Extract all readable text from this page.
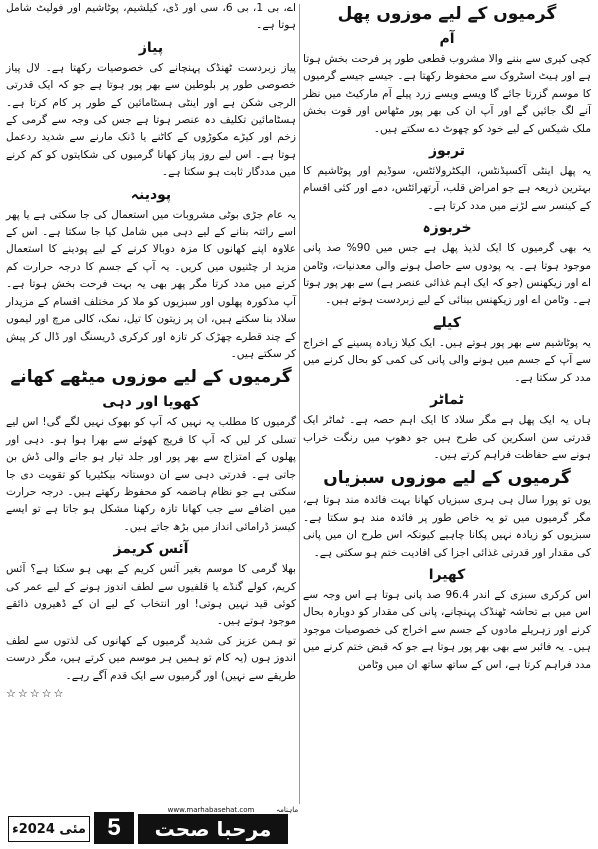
گرمیوں کے لیے موزوں پھل
آم

کچی کیری سے بننے والا مشروب قطعی طور پر فرحت بخش ہوتا ہے اور ہیٹ اسٹروک سے محفوظ رکھتا ہے۔ جیسے جیسے گرمیوں کا موسم گزرتا جائے گا ویسے ویسے زرد پیلے آم مارکیٹ میں نظر آنے لگ جائیں گے اور آپ ان کی بھر پور مٹھاس اور قوت بخش ملک شیکس کے لیے خود کو چھوٹ دے سکتے ہیں۔

تربوز

یہ پھل اینٹی آکسیڈنٹس، الیکٹرولائٹس، سوڈیم اور پوٹاشیم کا بہترین ذریعہ ہے جو امراض قلب، آرتھرائٹس، دمے اور کئی اقسام کے کینسر سے لڑنے میں مدد کرتا ہے۔

خربوزہ

یہ بھی گرمیوں کا ایک لذیذ پھل ہے جس میں 90% صد پانی موجود ہوتا ہے۔ یہ پودوں سے حاصل ہونے والی معدنیات، وٹامن اے اور زیکھنس (جو کہ ایک اہم غذائی عنصر ہے) سے بھر پور ہوتا ہے۔ وٹامن اے اور زیکھنس بینائی کے لیے زبردست ہوتے ہیں۔

کیلے

یہ پوٹاشیم سے بھر پور ہوتے ہیں۔ ایک کیلا زیادہ پسینے کے اخراج سے آپ کے جسم میں ہونے والی پانی کی کمی کو بحال کرنے میں مدد کر سکتا ہے۔

ٹماٹر

ہاں یہ ایک پھل ہے مگر سلاد کا ایک اہم حصہ ہے۔ ٹماٹر ایک قدرتی سن اسکرین کی طرح ہیں جو دھوپ میں رنگت خراب ہونے سے حفاظت فراہم کرتے ہیں۔

گرمیوں کے لیے موزوں سبزیاں

یوں تو پورا سال ہی ہری سبزیاں کھانا بہت فائدہ مند ہوتا ہے، مگر گرمیوں میں تو یہ خاص طور پر فائدہ مند ہو سکتا ہے۔ سبزیوں کو زیادہ نہیں پکانا چاہیے کیونکہ اس طرح ان میں پانی کی مقدار اور قدرتی غذائی اجزا کی افادیت ختم ہو سکتی ہے۔

کھیرا

اس کرکری سبزی کے اندر 96.4 صد پانی ہوتا ہے اس وجہ سے اس میں بے تحاشہ ٹھنڈک پہنچانے، پانی کی مقدار کو دوبارہ بحال کرنے اور زہریلے مادوں کے جسم سے اخراج کی خصوصیات موجود ہیں۔ یہ فائبر سے بھی بھر پور ہوتا ہے جو کہ قبض ختم کرنے میں مدد فراہم کرتا ہے، اس کے ساتھ ساتھ ان میں وٹامن

اے، بی 1، بی 6، سی اور ڈی، کیلشیم، پوٹاشیم اور فولیٹ شامل ہوتا ہے۔

پیاز

پیاز زبردست ٹھنڈک پہنچانے کی خصوصیات رکھتا ہے۔ لال پیاز خصوصی طور پر بلوطین سے بھر پور ہوتا ہے جو کہ ایک قدرتی الرجی شکن ہے اور اینٹی ہسٹامائین کے طور پر کام کرتا ہے۔ ہسٹامائین تکلیف دہ عنصر ہوتا ہے جس کی وجہ سے گرمی کے زخم اور کیڑے مکوڑوں کے کاٹنے یا ڈنک مارنے سے شدید ردعمل ہوتا ہے۔ اس لیے روز پیاز کھانا گرمیوں کی شکایتوں کو کم کرنے میں مددگار ثابت ہو سکتا ہے۔

پودینہ

یہ عام جڑی بوٹی مشروبات میں استعمال کی جا سکتی ہے یا پھر اسے رائتہ بنانے کے لیے دہی میں شامل کیا جا سکتا ہے۔ اس کے علاوہ اپنے کھانوں کا مزہ دوبالا کرنے کے لیے پودینے کا استعمال مزید ار چٹنیوں میں کریں۔ یہ آپ کے جسم کا درجہ حرارت کم کرنے میں مدد کرتا مگر پھر بھی یہ بہت فرحت بخش ہوتا ہے۔ آپ مذکورہ پھلوں اور سبزیوں کو ملا کر مختلف اقسام کے مزیدار سلاد بنا سکتے ہیں، ان پر زیتون کا تیل، نمک، کالی مرچ اور لیموں کے چند قطرے چھڑک کر تازہ اور کرکری ڈریسنگ اور ڈال کر پیش کر سکتے ہیں۔

گرمیوں کے لیے موزوں میٹھے کھانے
کھویا اور دہی

گرمیوں کا مطلب یہ نہیں کہ آپ کو بھوک نہیں لگے گی! اس لیے تسلی کر لیں کہ آپ کا فریج کھوئے سے بھرا ہوا ہو۔ دہی اور پھلوں کے امتزاج سے بھر پور اور جلد تیار ہو جانے والی ڈش بن جاتی ہے۔ قدرتی دہی سے ان دوستانہ بیکٹیریا کو تقویت دی جا سکتی ہے جو نظام ہاضمہ کو محفوظ رکھتے ہیں۔ درجہ حرارت میں اضافے سے جب کھانا تازہ رکھنا مشکل ہو جاتا ہے تو ایسے کیسز ڈرامائی انداز میں بڑھ جاتے ہیں۔

آئس کریمز

بھلا گرمی کا موسم بغیر آئس کریم کے بھی ہو سکتا ہے؟ آئس کریم، کولے گنڈے یا قلفیوں سے لطف اندوز ہونے کے لیے عمر کی کوئی قید نہیں ہوتی! اور انتخاب کے لیے ان کے ڈھیروں ذائقے موجود ہوتے ہیں۔

تو ہمن عزیز کی شدید گرمیوں کے کھانوں کی لذتوں سے لطف اندوز ہوں (یہ کام تو ہمیں ہر موسم میں کرتے ہیں، مگر درست طریقے سے نہیں) اور گرمیوں سے ایک قدم آگے رہے۔

☆☆☆☆☆
مئی 2024ء 5
www.marhabasehat.com	ماہنامہ
مرحبا صحت
